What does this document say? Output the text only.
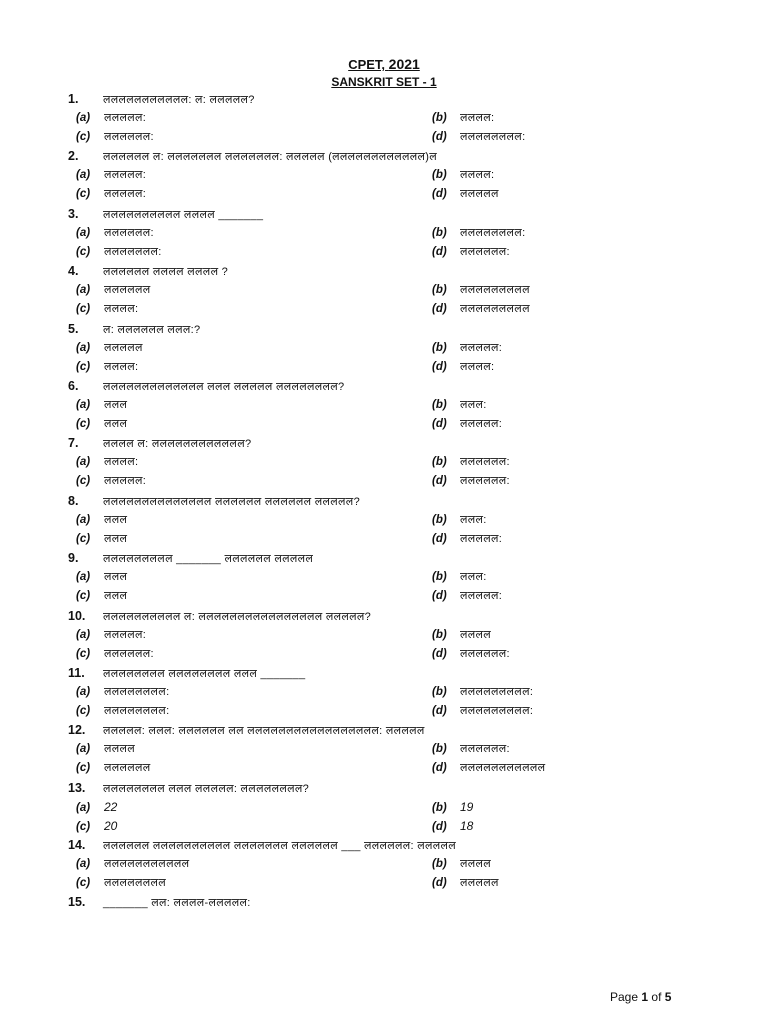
CPET, 2021
SANSKRIT SET - 1
1. ललललललललललल: ल: ललललल?
(a) ललललल:	(b) लललल:
(c) लललललल:	(d) लललललललल:
2. लललललल ल: ललललललल ललललललल: ललललल (लललललललललललल)ल
(a) ललललल:	(b) लललल:
(c) ललललल:	(d) ललललल
3. लललललललललल लललल _______
(a) लललललल:	(b) लललललललल:
(c) ललललललल:	(d) लललललल:
4. लललललल लललल लललल ?
(a) लललललल	(b) ललललललललल
(c) लललल:	(d) ललललललललल
5. ल: लललललल ललल:?
(a) ललललल	(b) ललललल:
(c) लललल:	(d) लललल:
6. ललललललललललललल ललल ललललल लललललललल?
(a) ललल	(b) ललल:
(c) ललल	(d) ललललल:
7. लललल ल: लललललललललललल?
(a) लललल:	(b) लललललल:
(c) ललललल:	(d) लललललल:
8. लललललललललललललल लललललल लललललल ललललल?
(a) ललल	(b) ललल:
(c) ललल	(d) ललललल:
9. ललललललललल _______ लललललल ललललल
(a) ललल	(b) ललल:
(c) ललल	(d) ललललल:
10. लललललललललल ल: लललललललललललललललल ललललल?
(a) ललललल:	(b) लललल
(c) लललललल:	(d) लललललल:
11. लललललललल लललललललल ललल _______
(a) लललललललल:	(b) ललललललललल:
(c) लललललललल:	(d) ललललललललल:
12. ललललल: ललल: लललललल लल ललललललललललललललललल: ललललल
(a) लललल	(b) लललललल:
(c) लललललल	(d) ललललललललललल
13. लललललललल ललल ललललल: लललललललल?
(a) 22	(b) 19
(c) 20	(d) 18
14. लललललल लललललललललल ललललललल लललललल ___ लललललल: ललललल
(a) ललललललललललल	(b) लललल
(c) लललललललल	(d) ललललल
15. _______ लल: लललल-ललललल:
Page 1 of 5
